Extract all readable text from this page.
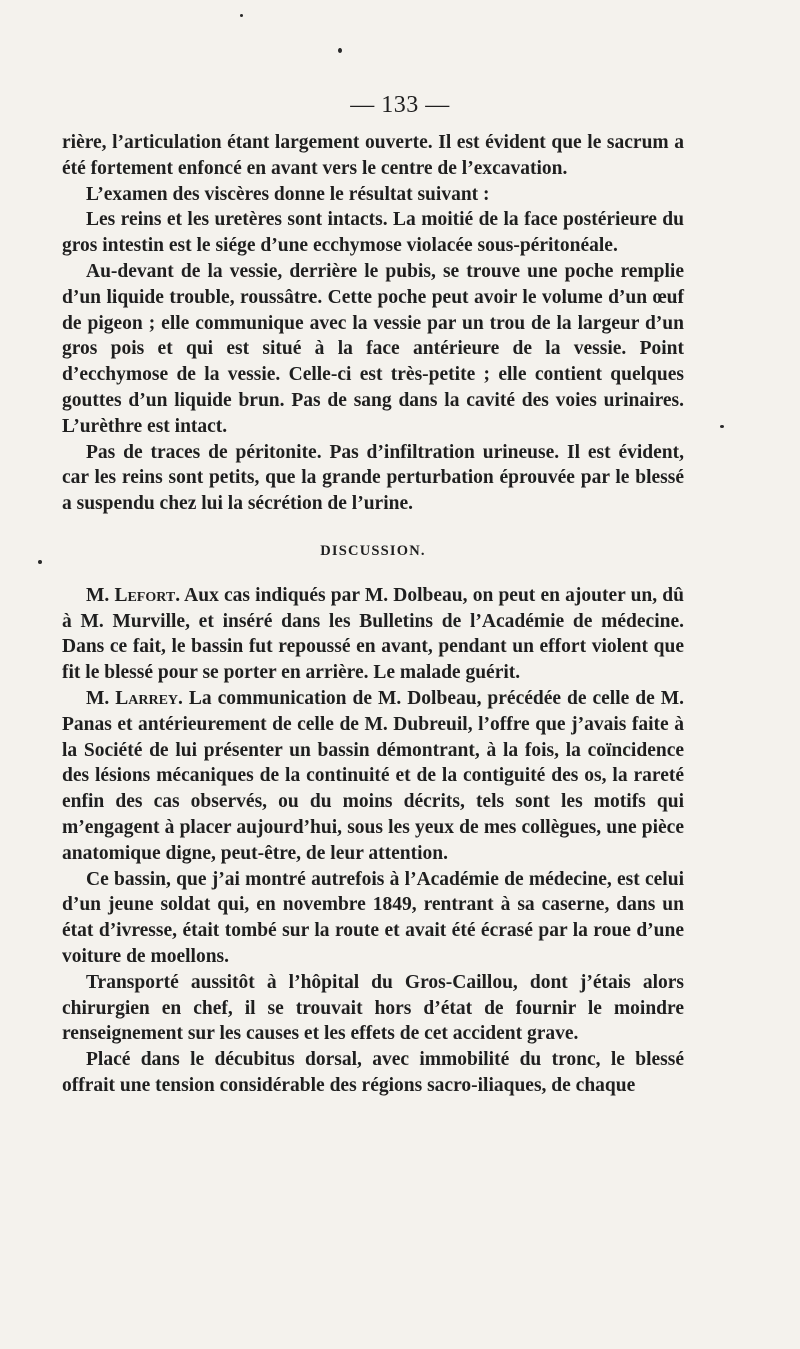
— 133 —

rière, l’articulation étant largement ouverte. Il est évident que le sacrum a été fortement enfoncé en avant vers le centre de l’excavation.

L’examen des viscères donne le résultat suivant :

Les reins et les uretères sont intacts. La moitié de la face postérieure du gros intestin est le siége d’une ecchymose violacée sous-péritonéale.

Au-devant de la vessie, derrière le pubis, se trouve une poche remplie d’un liquide trouble, roussâtre. Cette poche peut avoir le volume d’un œuf de pigeon ; elle communique avec la vessie par un trou de la largeur d’un gros pois et qui est situé à la face antérieure de la vessie. Point d’ecchymose de la vessie. Celle-ci est très-petite ; elle contient quelques gouttes d’un liquide brun. Pas de sang dans la cavité des voies urinaires. L’urèthre est intact.

Pas de traces de péritonite. Pas d’infiltration urineuse. Il est évident, car les reins sont petits, que la grande perturbation éprouvée par le blessé a suspendu chez lui la sécrétion de l’urine.

DISCUSSION.

M. Lefort. Aux cas indiqués par M. Dolbeau, on peut en ajouter un, dû à M. Murville, et inséré dans les Bulletins de l’Académie de médecine. Dans ce fait, le bassin fut repoussé en avant, pendant un effort violent que fit le blessé pour se porter en arrière. Le malade guérit.

M. Larrey. La communication de M. Dolbeau, précédée de celle de M. Panas et antérieurement de celle de M. Dubreuil, l’offre que j’avais faite à la Société de lui présenter un bassin démontrant, à la fois, la coïncidence des lésions mécaniques de la continuité et de la contiguité des os, la rareté enfin des cas observés, ou du moins décrits, tels sont les motifs qui m’engagent à placer aujourd’hui, sous les yeux de mes collègues, une pièce anatomique digne, peut-être, de leur attention.

Ce bassin, que j’ai montré autrefois à l’Académie de médecine, est celui d’un jeune soldat qui, en novembre 1849, rentrant à sa caserne, dans un état d’ivresse, était tombé sur la route et avait été écrasé par la roue d’une voiture de moellons.

Transporté aussitôt à l’hôpital du Gros-Caillou, dont j’étais alors chirurgien en chef, il se trouvait hors d’état de fournir le moindre renseignement sur les causes et les effets de cet accident grave.

Placé dans le décubitus dorsal, avec immobilité du tronc, le blessé offrait une tension considérable des régions sacro-iliaques, de chaque
